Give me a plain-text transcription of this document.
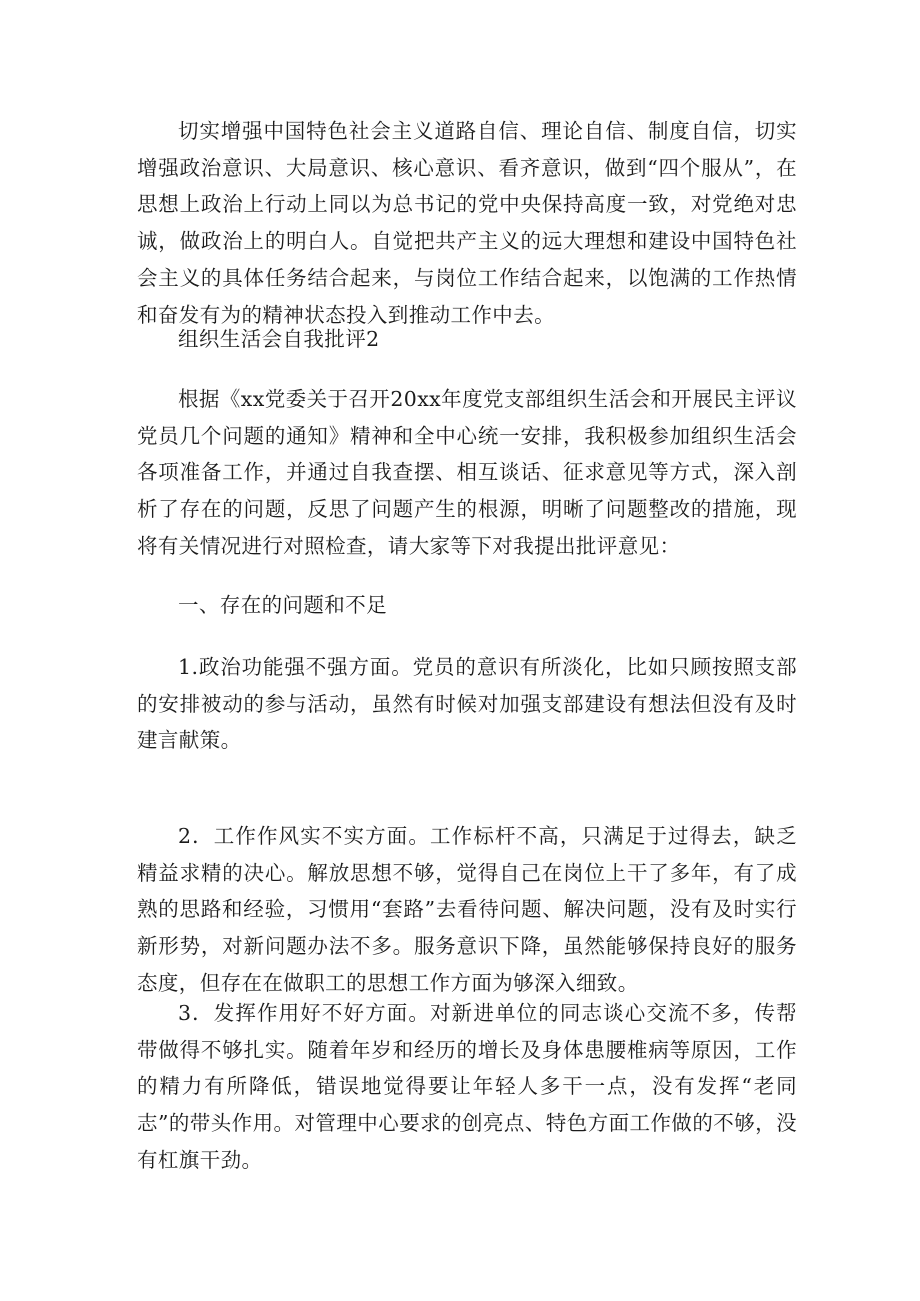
切实增强中国特色社会主义道路自信、理论自信、制度自信，切实增强政治意识、大局意识、核心意识、看齐意识，做到“四个服从”，在思想上政治上行动上同以为总书记的党中央保持高度一致，对党绝对忠诚，做政治上的明白人。自觉把共产主义的远大理想和建设中国特色社会主义的具体任务结合起来，与岗位工作结合起来，以饱满的工作热情和奋发有为的精神状态投入到推动工作中去。

组织生活会自我批评2

根据《xx党委关于召开20xx年度党支部组织生活会和开展民主评议党员几个问题的通知》精神和全中心统一安排，我积极参加组织生活会各项准备工作，并通过自我查摆、相互谈话、征求意见等方式，深入剖析了存在的问题，反思了问题产生的根源，明晰了问题整改的措施，现将有关情况进行对照检查，请大家等下对我提出批评意见：

一、存在的问题和不足

1.政治功能强不强方面。党员的意识有所淡化，比如只顾按照支部的安排被动的参与活动，虽然有时候对加强支部建设有想法但没有及时建言献策。

2．工作作风实不实方面。工作标杆不高，只满足于过得去，缺乏精益求精的决心。解放思想不够，觉得自己在岗位上干了多年，有了成熟的思路和经验，习惯用“套路”去看待问题、解决问题，没有及时实行新形势，对新问题办法不多。服务意识下降，虽然能够保持良好的服务态度，但存在在做职工的思想工作方面为够深入细致。

3．发挥作用好不好方面。对新进单位的同志谈心交流不多，传帮带做得不够扎实。随着年岁和经历的增长及身体患腰椎病等原因，工作的精力有所降低，错误地觉得要让年轻人多干一点，没有发挥“老同志”的带头作用。对管理中心要求的创亮点、特色方面工作做的不够，没有杠旗干劲。
